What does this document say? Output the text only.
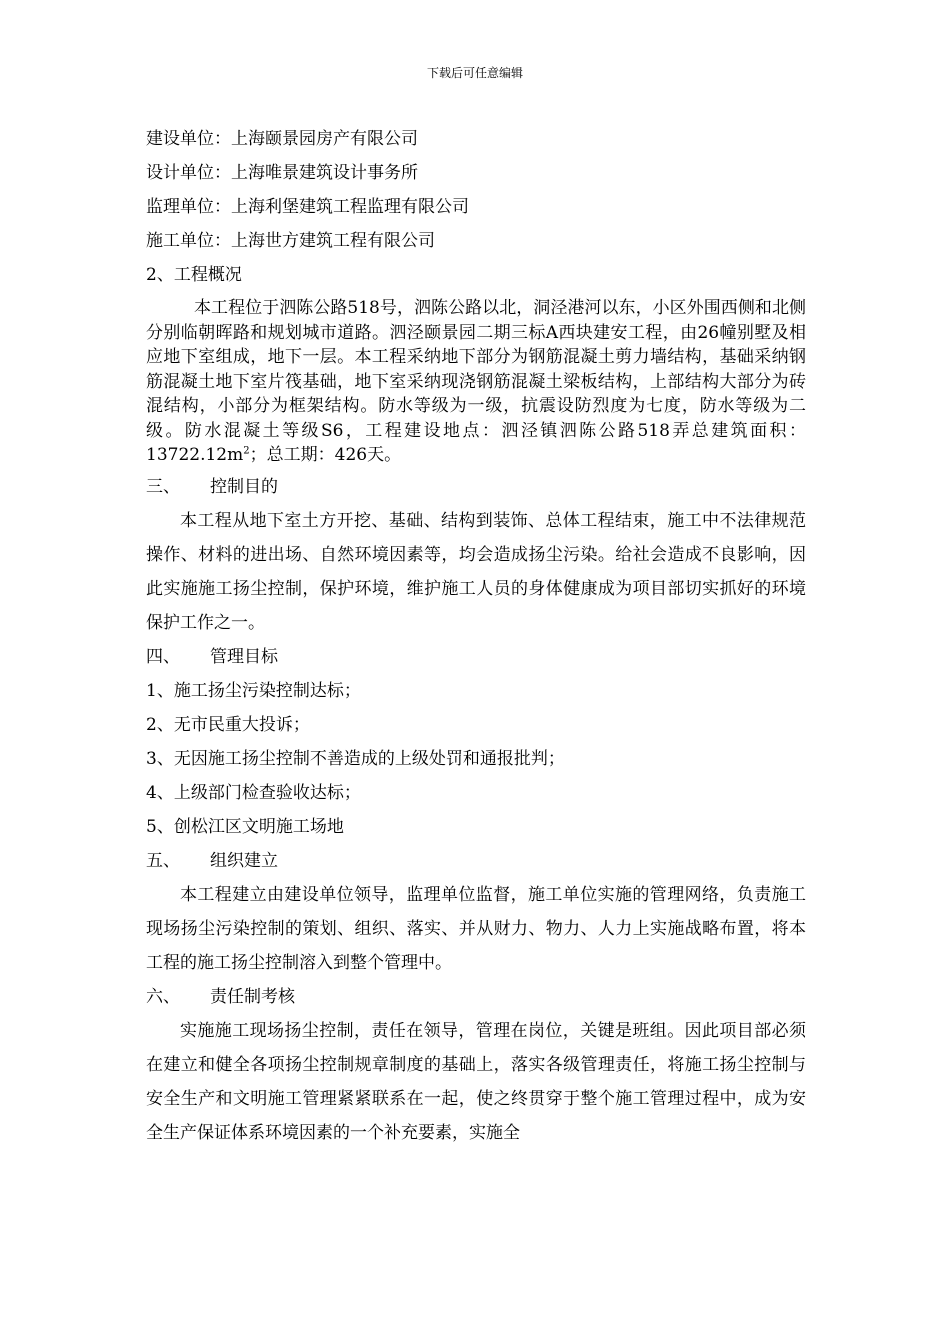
下载后可任意编辑
建设单位：上海颐景园房产有限公司
设计单位：上海唯景建筑设计事务所
监理单位：上海利堡建筑工程监理有限公司
施工单位：上海世方建筑工程有限公司
2、工程概况

本工程位于泗陈公路518号，泗陈公路以北，洞泾港河以东，小区外围西侧和北侧分别临朝晖路和规划城市道路。泗泾颐景园二期三标A西块建安工程，由26幢别墅及相应地下室组成，地下一层。本工程采纳地下部分为钢筋混凝土剪力墙结构，基础采纳钢筋混凝土地下室片筏基础，地下室采纳现浇钢筋混凝土梁板结构，上部结构大部分为砖混结构，小部分为框架结构。防水等级为一级，抗震设防烈度为七度，防水等级为二级。防水混凝土等级S6，工程建设地点：泗泾镇泗陈公路518弄总建筑面积：$13722.12m^2$；总工期：426天。

三、 控制目的

本工程从地下室土方开挖、基础、结构到装饰、总体工程结束，施工中不法律规范操作、材料的进出场、自然环境因素等，均会造成扬尘污染。给社会造成不良影响，因此实施施工扬尘控制，保护环境，维护施工人员的身体健康成为项目部切实抓好的环境保护工作之一。

四、 管理目标
1、施工扬尘污染控制达标；
2、无市民重大投诉；
3、无因施工扬尘控制不善造成的上级处罚和通报批判；
4、上级部门检查验收达标；
5、创松江区文明施工场地
五、 组织建立

本工程建立由建设单位领导，监理单位监督，施工单位实施的管理网络，负责施工现场扬尘污染控制的策划、组织、落实、并从财力、物力、人力上实施战略布置，将本工程的施工扬尘控制溶入到整个管理中。

六、 责任制考核

实施施工现场扬尘控制，责任在领导，管理在岗位，关键是班组。因此项目部必须在建立和健全各项扬尘控制规章制度的基础上，落实各级管理责任，将施工扬尘控制与安全生产和文明施工管理紧紧联系在一起，使之终贯穿于整个施工管理过程中，成为安全生产保证体系环境因素的一个补充要素，实施全
